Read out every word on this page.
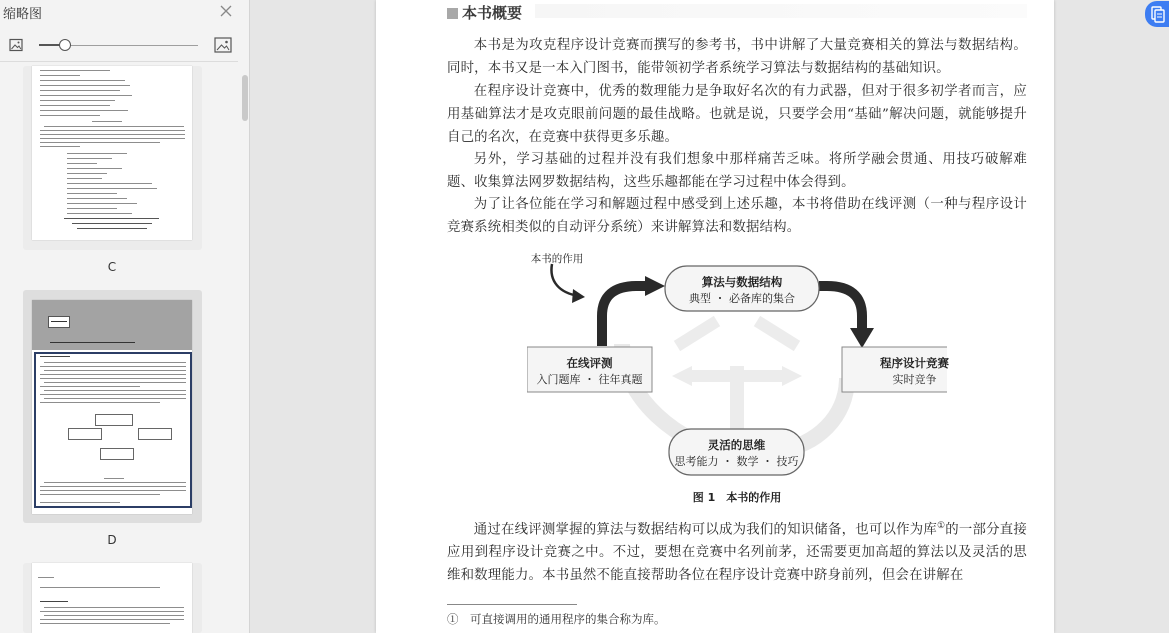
缩略图
C
D
本书概要
本书是为攻克程序设计竞赛而撰写的参考书，书中讲解了大量竞赛相关的算法与数据结构。同时，本书又是一本入门图书，能带领初学者系统学习算法与数据结构的基础知识。
在程序设计竞赛中，优秀的数理能力是争取好名次的有力武器，但对于很多初学者而言，应用基础算法才是攻克眼前问题的最佳战略。也就是说，只要学会用“基础”解决问题，就能够提升自己的名次，在竞赛中获得更多乐趣。
另外，学习基础的过程并没有我们想象中那样痛苦乏味。将所学融会贯通、用技巧破解难题、收集算法网罗数据结构，这些乐趣都能在学习过程中体会得到。
为了让各位能在学习和解题过程中感受到上述乐趣，本书将借助在线评测（一种与程序设计竞赛系统相类似的自动评分系统）来讲解算法和数据结构。
本书的作用
算法与数据结构
典型 ・ 必备库的集合
在线评测
入门题库 ・ 往年真题
程序设计竞赛
实时竞争
灵活的思维
思考能力 ・ 数学 ・ 技巧
图 1　本书的作用
通过在线评测掌握的算法与数据结构可以成为我们的知识储备，也可以作为库①的一部分直接应用到程序设计竞赛之中。不过，要想在竞赛中名列前茅，还需要更加高超的算法以及灵活的思维和数理能力。本书虽然不能直接帮助各位在程序设计竞赛中跻身前列，但会在讲解在
①　可直接调用的通用程序的集合称为库。
